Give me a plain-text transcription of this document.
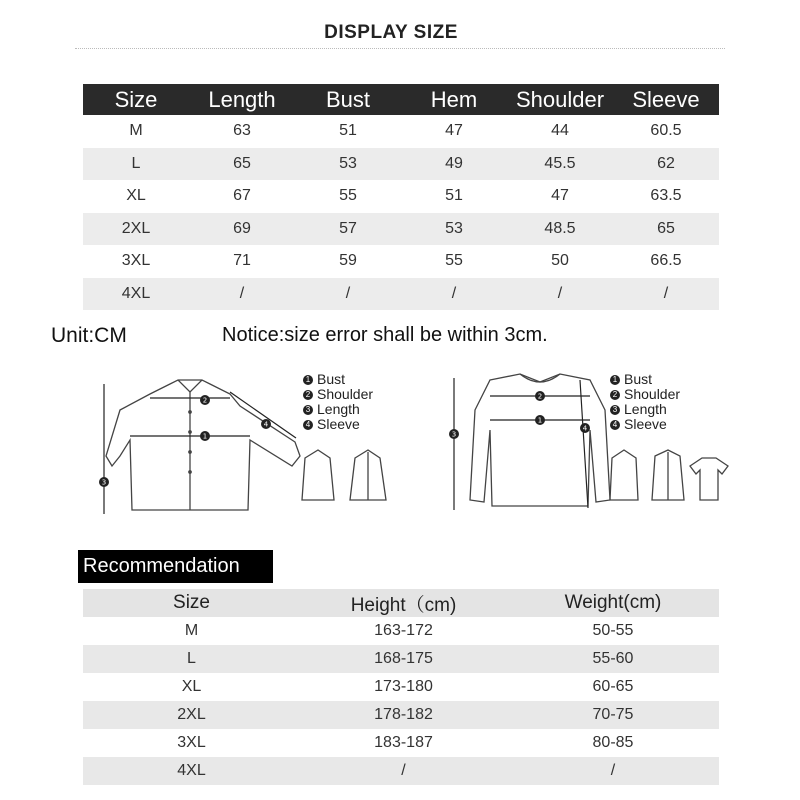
DISPLAY SIZE
Size	Length	Bust	Hem	Shoulder	Sleeve
M	63	51	47	44	60.5
L	65	53	49	45.5	62
XL	67	55	51	47	63.5
2XL	69	57	53	48.5	65
3XL	71	59	55	50	66.5
4XL	/	/	/	/	/
Unit:CM	Notice:size error shall be within 3cm.
1
2
3
4
1 Bust
2 Shoulder
3 Length
4 Sleeve	1
2
3
4
1 Bust
2 Shoulder
3 Length
4 Sleeve
Recommendation
Size	Height（cm)	Weight(cm)
M	163-172	50-55
L	168-175	55-60
XL	173-180	60-65
2XL	178-182	70-75
3XL	183-187	80-85
4XL	/	/
